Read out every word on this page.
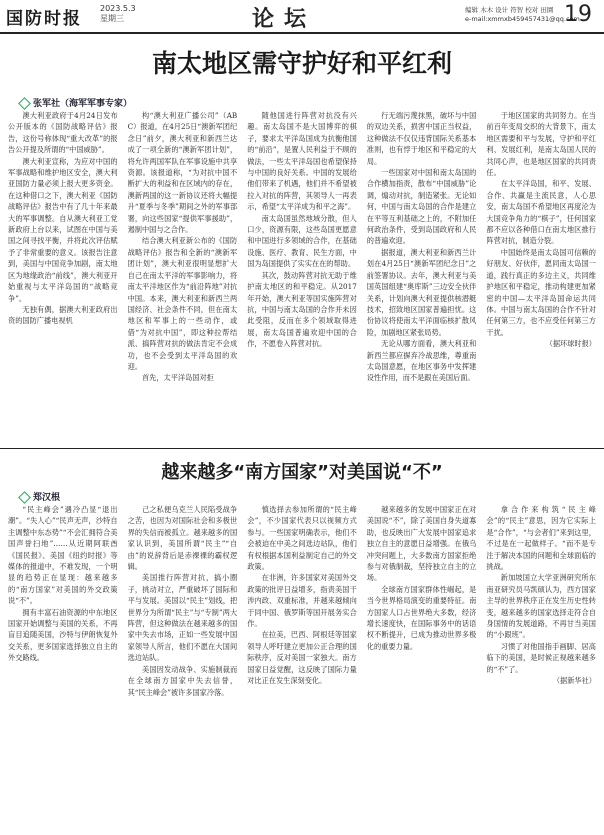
国防时报
2023.5.3
星期三	论坛	编辑 木木 设计 符智 校对 田園
e-mail:xmmxb459457431@qq.com
19
南太地区需守护好和平红利
张军社（海军军事专家）

澳大利亚政府于4月24日发布公开版本的《国防战略评估》报告，这份号称体现“重大改革”的报告公开提及所谓的“中国威胁”。

澳大利亚宣称，为应对中国的军事战略和维护地区安全，澳大利亚国防力量必须上报大更多资金。在这种借口之下，澳大利亚《国防战略评估》报告中有了几十年来最大的军事调整。自从澳大利亚工党新政府上台以来，试图在中国与美国之间寻找平衡，并将此次评估赋予了非常重要的意义。该报告注意到，美国与中国竞争加剧，南太地区为地缘政治“前线”，澳大利亚开始重视与太平洋岛国的“战略竞争”。

无独有偶，据澳大利亚政府出资的国防广播电视机

构“澳大利亚广播公司”（ABC）报道，在4月25日“澳新军团纪念日”前夕，澳大利亚和新西兰达成了一项全新的“澳新军团计划”，将允许两国军队在军事设施中共享资源。该报道称，“为对抗中国不断扩大的利益和在区域内的存在，澳新两国的这一新协议还将大幅提升“夏季与冬季”期间之外的军事部署，向这些国家“提供军事援助”，遏制中国与之合作。

结合澳大利亚新公布的《国防战略评估》报告和全新的“澳新军团计划”，澳大利亚很明显想扩大自己在南太平洋的军事影响力，将南太平洋地区作为“前沿阵地”对抗中国。本来，澳大利亚和新西兰两国经济、社会条件不同，但在南太地区和军事上的一些动作，或借“为对抗中国”，即这种拉帮结派、搞阵营对抗的做法肯定不会成功，也不会受到太平洋岛国的欢迎。

首先，太平洋岛国对拒

随他国进行阵营对抗没有兴趣。南太岛国不是大国博弈的棋子，要求太平洋岛国成为抗衡他国的“前沿”，是置人民利益于不顾的做法，一些太平洋岛国也希望保持与中国的良好关系。中国的发展给他们带来了机遇，他们并不希望被拉入对抗的阵营，其领导人一再表示，希望“太平洋成为和平之海”。

南太岛国虽然地域分散，但人口少，资源有限，这些岛国更愿意和中国进行多领域的合作，在基础设施、医疗、教育、民生方面，中国为岛国提供了实实在在的帮助。

其次，鼓动阵营对抗无助于维护南太地区的和平稳定。从2017年开始，澳大利亚等国实施阵营对抗，中国与南太岛国的合作并未因此受阻，反而在多个领域取得进展，南太岛国普遍欢迎中国的合作，不愿卷入阵营对抗。

行无端污蔑抹黑，破坏与中国的双边关系，损害中国正当权益，这种做法不仅仅违背国际关系基本准则，也有悖于地区和平稳定的大局。

一些国家对中国和南太岛国的合作横加指责，散布“中国威胁”论调，煽动对抗，制造紧张。无论如何，中国与南太岛国的合作是建立在平等互利基础之上的，不附加任何政治条件，受到岛国政府和人民的普遍欢迎。

据报道，澳大利亚和新西兰计划在4月25日“澳新军团纪念日”之前签署协议。去年，澳大利亚与美国英国组建“奥库斯”三边安全伙伴关系，计划向澳大利亚提供核潜艇技术，招致地区国家普遍担忧。这份协议将使南太平洋面临核扩散风险，加剧地区紧张局势。

无论从哪方面看，澳大利亚和新西兰都应摒弃冷战思维，尊重南太岛国意愿，在地区事务中发挥建设性作用，而不是跟在美国后面。

于地区国家的共同努力。在当前百年变局交织的大背景下，南太地区需要和平与发展，守护和平红利、发展红利，是南太岛国人民的共同心声，也是地区国家的共同责任。

在太平洋岛国，和平、发展、合作、共赢是主流民意，人心思安，南太岛国不希望地区再度沦为大国竞争角力的“棋子”，任何国家都不应以各种借口在南太地区推行阵营对抗，制造分裂。

中国始终是南太岛国可信赖的好朋友、好伙伴，愿同南太岛国一道，践行真正的多边主义，共同维护地区和平稳定，推动构建更加紧密的中国—太平洋岛国命运共同体。中国与南太岛国的合作不针对任何第三方，也不应受任何第三方干扰。

（据环球时报）

越来越多“南方国家”对美国说“不”
郑汉根

“民主峰会”遇冷凸显“退出潮”。“失人心”“民声无声，沙特自主调整中东态势”“不会汇拥符合美国声誉扫地”……从近期阿联酋《国民报》、美国《纽约时报》等媒体的报道中，不难发现，一个明显的趋势正在显现：越来越多的“南方国家”对美国的外交政策说“不”。

拥有丰富石油资源的中东地区国家开始调整与美国的关系，不再盲目追随美国，沙特与伊朗恢复外交关系，更多国家选择独立自主的外交路线。

己之私便乌克兰人民陷受战争之苦，也因为对国际社会和多极世界的失信而被孤立。越来越多的国家认识到，美国所谓“民主”“自由”的说辞背后是赤裸裸的霸权逻辑。

美国推行阵营对抗，搞小圈子，挑动对立，严重破坏了国际和平与发展。美国以“民主”划线，把世界分为所谓“民主”与“专制”两大阵营，但这种做法在越来越多的国家中失去市场，正如一些发展中国家领导人所言，他们不愿在大国间选边站队。

美国因发动战争、实施制裁而在全球南方国家中失去信誉，其“民主峰会”被许多国家冷落。

慎选择去参加所谓的“民主峰会”，不少国家代表只以视频方式参与。一些国家明确表示，他们不会被迫在中美之间选边站队，他们有权根据本国利益制定自己的外交政策。

在非洲，许多国家对美国外交政策的批评日益增多，指责美国干涉内政、双重标准，并越来越倾向于同中国、俄罗斯等国开展务实合作。

在拉美，巴西、阿根廷等国家领导人呼吁建立更加公正合理的国际秩序，反对美国一家独大。南方国家日益觉醒，这反映了国际力量对比正在发生深刻变化。

越来越多的发展中国家正在对美国说“不”，除了美国自身失道寡助，也反映出广大发展中国家追求独立自主的意愿日益增强。在俄乌冲突问题上，大多数南方国家拒绝参与对俄制裁，坚持独立自主的立场。

全球南方国家群体性崛起，是当今世界格局演变的重要特征。南方国家人口占世界绝大多数，经济增长速度快，在国际事务中的话语权不断提升，已成为推动世界多极化的重要力量。

拿合作来构筑“民主峰会”的“民主”意思，因为它实际上是“合作”，“与会者们”来到这里，不过是在一起做样子。“而不是专注于解决本国的问题和全球面临的挑战。

新加坡国立大学亚洲研究所东南亚研究员马凯硕认为，西方国家主导的世界秩序正在发生历史性转变，越来越多的国家选择走符合自身国情的发展道路，不再甘当美国的“小跟班”。

习惯了对他国指手画脚、居高临下的美国，是时候正视越来越多的“不”了。

（据新华社）
